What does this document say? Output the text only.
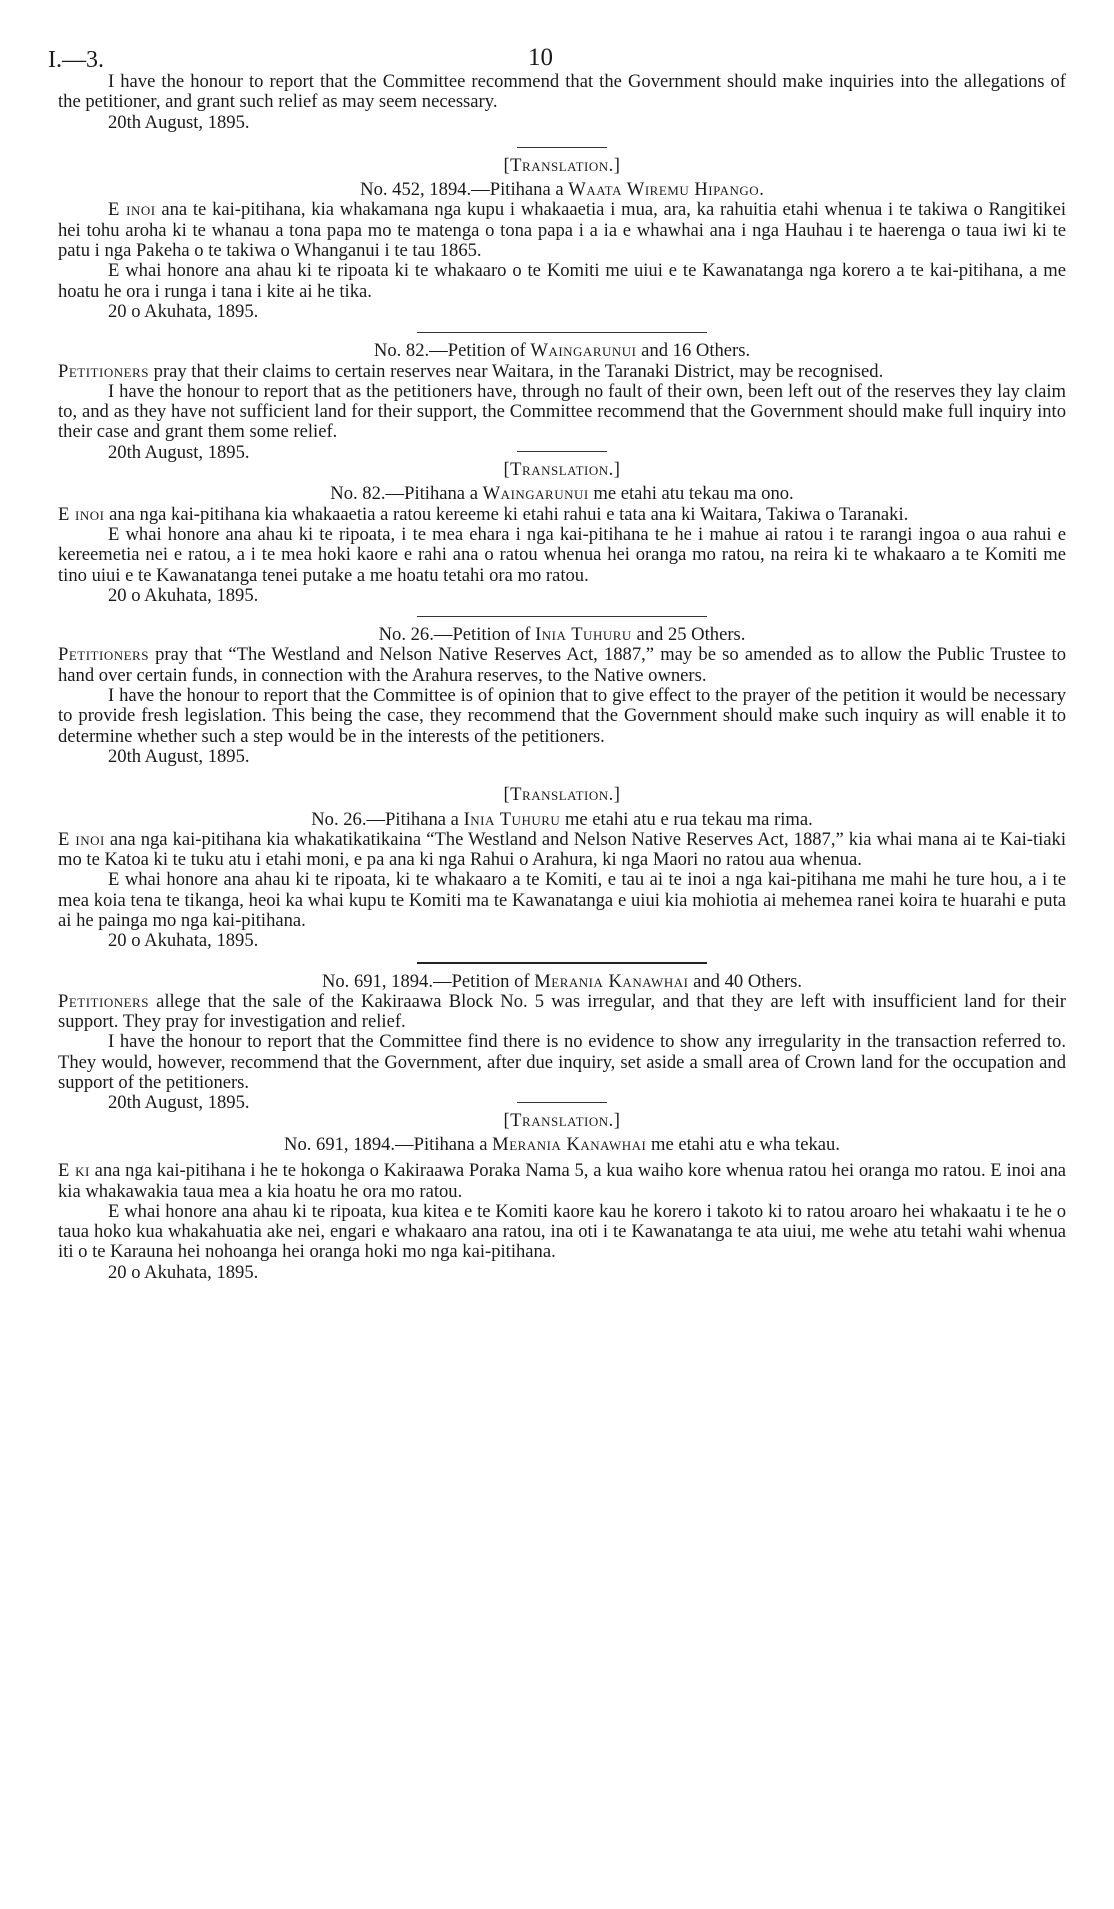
I.—3.	10

I have the honour to report that the Committee recommend that the Government should make inquiries into the allegations of the petitioner, and grant such relief as may seem necessary.

20th August, 1895.

[Translation.]

No. 452, 1894.—Pitihana a Waata Wiremu Hipango.

E inoi ana te kai-pitihana, kia whakamana nga kupu i whakaaetia i mua, ara, ka rahuitia etahi whenua i te takiwa o Rangitikei hei tohu aroha ki te whanau a tona papa mo te matenga o tona papa i a ia e whawhai ana i nga Hauhau i te haerenga o taua iwi ki te patu i nga Pakeha o te takiwa o Whanganui i te tau 1865.

E whai honore ana ahau ki te ripoata ki te whakaaro o te Komiti me uiui e te Kawanatanga nga korero a te kai-pitihana, a me hoatu he ora i runga i tana i kite ai he tika.

20 o Akuhata, 1895.

No. 82.—Petition of Waingarunui and 16 Others.

Petitioners pray that their claims to certain reserves near Waitara, in the Taranaki District, may be recognised.

I have the honour to report that as the petitioners have, through no fault of their own, been left out of the reserves they lay claim to, and as they have not sufficient land for their support, the Committee recommend that the Government should make full inquiry into their case and grant them some relief.

20th August, 1895.

[Translation.]

No. 82.—Pitihana a Waingarunui me etahi atu tekau ma ono.

E inoi ana nga kai-pitihana kia whakaaetia a ratou kereeme ki etahi rahui e tata ana ki Waitara, Takiwa o Taranaki.

E whai honore ana ahau ki te ripoata, i te mea ehara i nga kai-pitihana te he i mahue ai ratou i te rarangi ingoa o aua rahui e kereemetia nei e ratou, a i te mea hoki kaore e rahi ana o ratou whenua hei oranga mo ratou, na reira ki te whakaaro a te Komiti me tino uiui e te Kawanatanga tenei putake a me hoatu tetahi ora mo ratou.

20 o Akuhata, 1895.

No. 26.—Petition of Inia Tuhuru and 25 Others.

Petitioners pray that “The Westland and Nelson Native Reserves Act, 1887,” may be so amended as to allow the Public Trustee to hand over certain funds, in connection with the Arahura reserves, to the Native owners.

I have the honour to report that the Committee is of opinion that to give effect to the prayer of the petition it would be necessary to provide fresh legislation. This being the case, they recommend that the Government should make such inquiry as will enable it to determine whether such a step would be in the interests of the petitioners.

20th August, 1895.

[Translation.]

No. 26.—Pitihana a Inia Tuhuru me etahi atu e rua tekau ma rima.

E inoi ana nga kai-pitihana kia whakatikatikaina “The Westland and Nelson Native Reserves Act, 1887,” kia whai mana ai te Kai-tiaki mo te Katoa ki te tuku atu i etahi moni, e pa ana ki nga Rahui o Arahura, ki nga Maori no ratou aua whenua.

E whai honore ana ahau ki te ripoata, ki te whakaaro a te Komiti, e tau ai te inoi a nga kai-pitihana me mahi he ture hou, a i te mea koia tena te tikanga, heoi ka whai kupu te Komiti ma te Kawanatanga e uiui kia mohiotia ai mehemea ranei koira te huarahi e puta ai he painga mo nga kai-pitihana.

20 o Akuhata, 1895.

No. 691, 1894.—Petition of Merania Kanawhai and 40 Others.

Petitioners allege that the sale of the Kakiraawa Block No. 5 was irregular, and that they are left with insufficient land for their support. They pray for investigation and relief.

I have the honour to report that the Committee find there is no evidence to show any irregularity in the transaction referred to. They would, however, recommend that the Government, after due inquiry, set aside a small area of Crown land for the occupation and support of the petitioners.

20th August, 1895.

[Translation.]

No. 691, 1894.—Pitihana a Merania Kanawhai me etahi atu e wha tekau.

E ki ana nga kai-pitihana i he te hokonga o Kakiraawa Poraka Nama 5, a kua waiho kore whenua ratou hei oranga mo ratou. E inoi ana kia whakawakia taua mea a kia hoatu he ora mo ratou.

E whai honore ana ahau ki te ripoata, kua kitea e te Komiti kaore kau he korero i takoto ki to ratou aroaro hei whakaatu i te he o taua hoko kua whakahuatia ake nei, engari e whakaaro ana ratou, ina oti i te Kawanatanga te ata uiui, me wehe atu tetahi wahi whenua iti o te Karauna hei nohoanga hei oranga hoki mo nga kai-pitihana.

20 o Akuhata, 1895.
